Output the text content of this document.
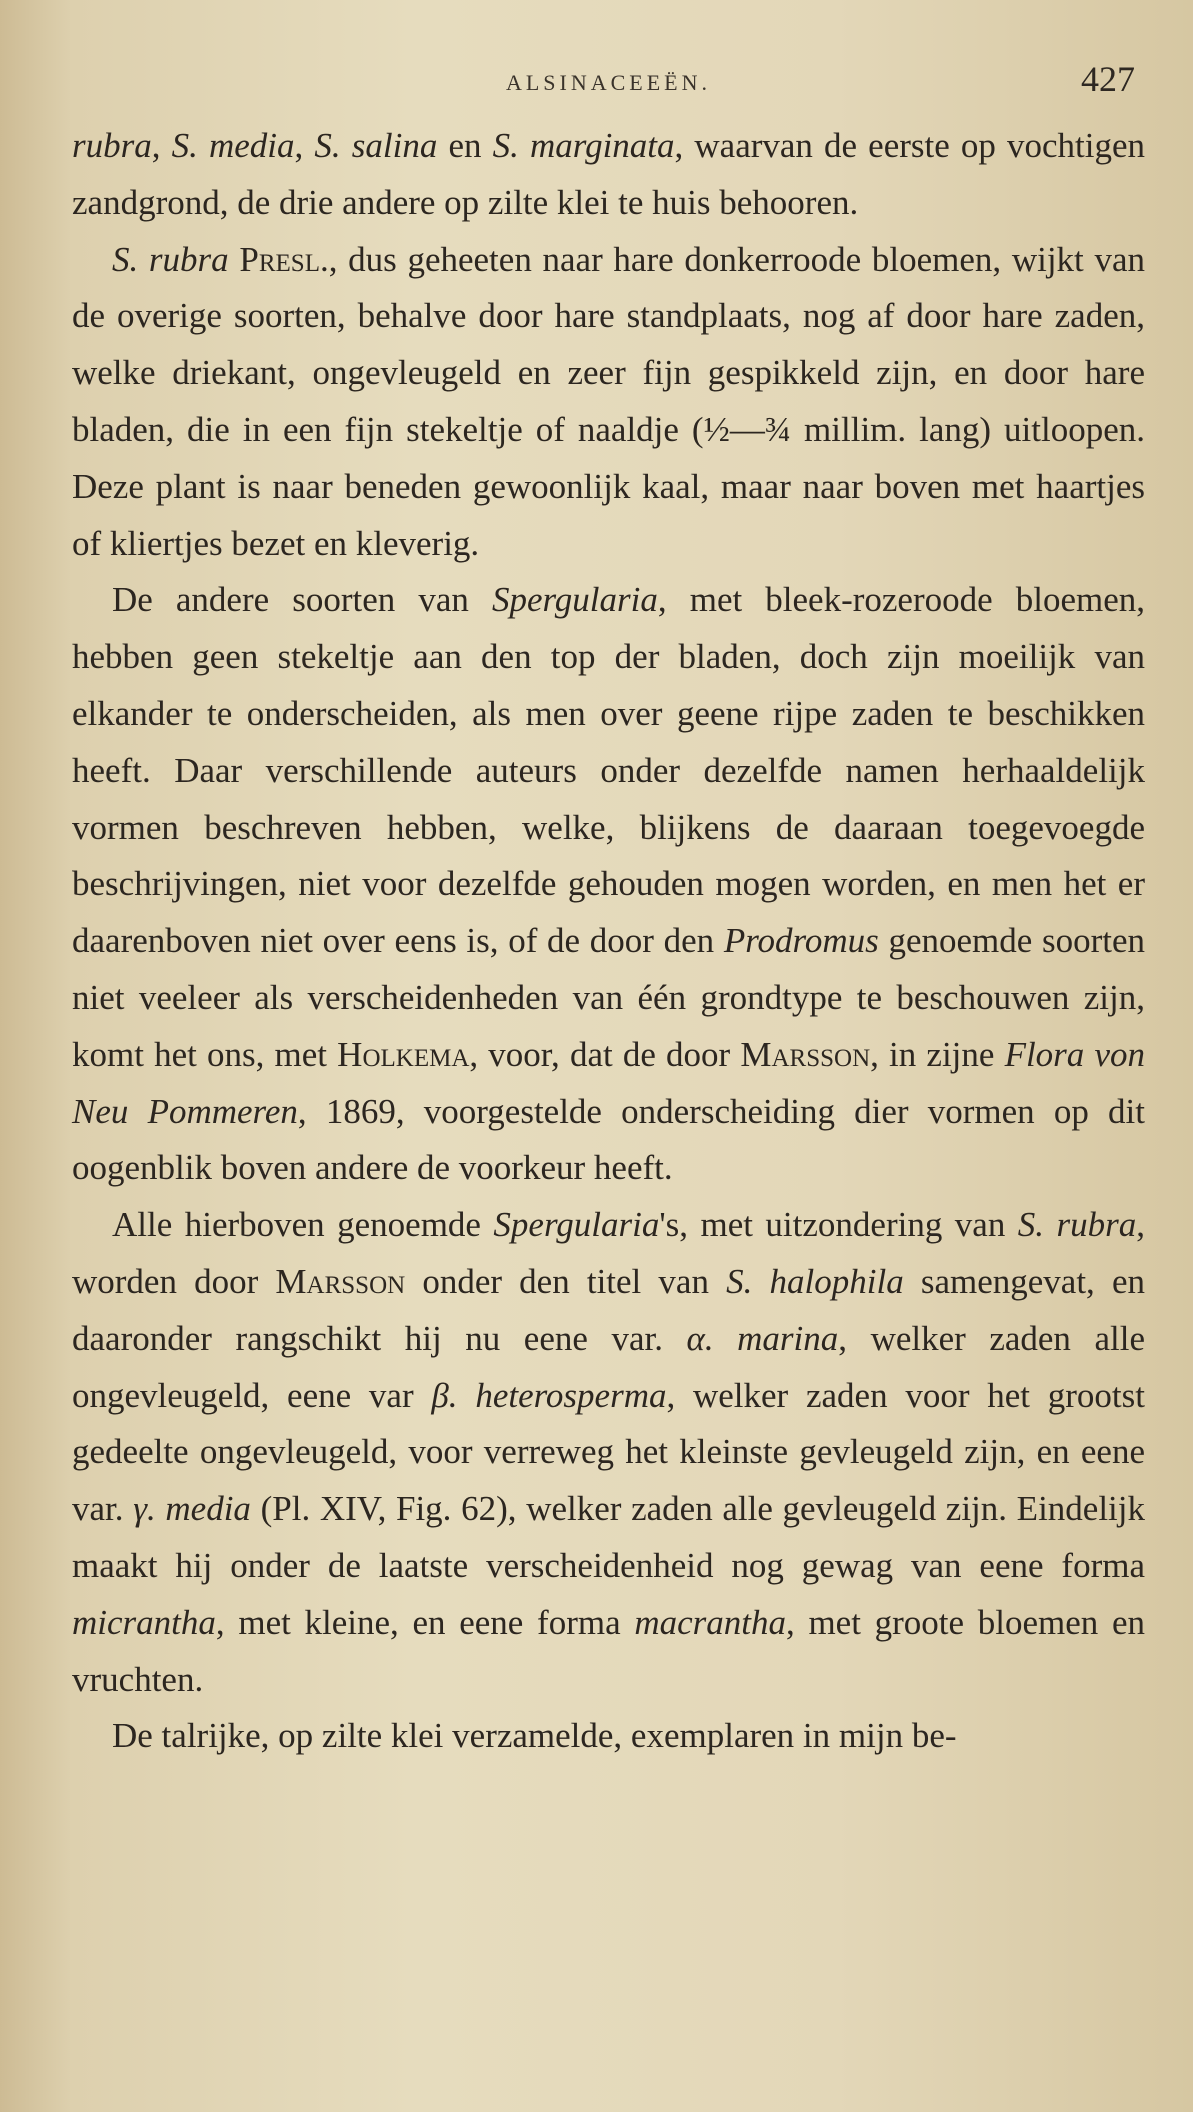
ALSINACEEËN.	427

rubra, S. media, S. salina en S. marginata, waarvan de eerste op vochtigen zandgrond, de drie andere op zilte klei te huis behooren.

S. rubra Presl., dus geheeten naar hare donkerroode bloemen, wijkt van de overige soorten, behalve door hare standplaats, nog af door hare zaden, welke driekant, ongevleugeld en zeer fijn gespikkeld zijn, en door hare bladen, die in een fijn stekeltje of naaldje (½—¾ millim. lang) uitloopen. Deze plant is naar beneden gewoonlijk kaal, maar naar boven met haartjes of kliertjes bezet en kleverig.

De andere soorten van Spergularia, met bleek-rozeroode bloemen, hebben geen stekeltje aan den top der bladen, doch zijn moeilijk van elkander te onderscheiden, als men over geene rijpe zaden te beschikken heeft. Daar verschillende auteurs onder dezelfde namen herhaaldelijk vormen beschreven hebben, welke, blijkens de daaraan toegevoegde beschrijvingen, niet voor dezelfde gehouden mogen worden, en men het er daarenboven niet over eens is, of de door den Prodromus genoemde soorten niet veeleer als verscheidenheden van één grondtype te beschouwen zijn, komt het ons, met Holkema, voor, dat de door Marsson, in zijne Flora von Neu Pommeren, 1869, voorgestelde onderscheiding dier vormen op dit oogenblik boven andere de voorkeur heeft.

Alle hierboven genoemde Spergularia's, met uitzondering van S. rubra, worden door Marsson onder den titel van S. halophila samengevat, en daaronder rangschikt hij nu eene var. α. marina, welker zaden alle ongevleugeld, eene var β. heterosperma, welker zaden voor het grootst gedeelte ongevleugeld, voor verreweg het kleinste gevleugeld zijn, en eene var. γ. media (Pl. XIV, Fig. 62), welker zaden alle gevleugeld zijn. Eindelijk maakt hij onder de laatste verscheidenheid nog gewag van eene forma micrantha, met kleine, en eene forma macrantha, met groote bloemen en vruchten.

De talrijke, op zilte klei verzamelde, exemplaren in mijn be-
